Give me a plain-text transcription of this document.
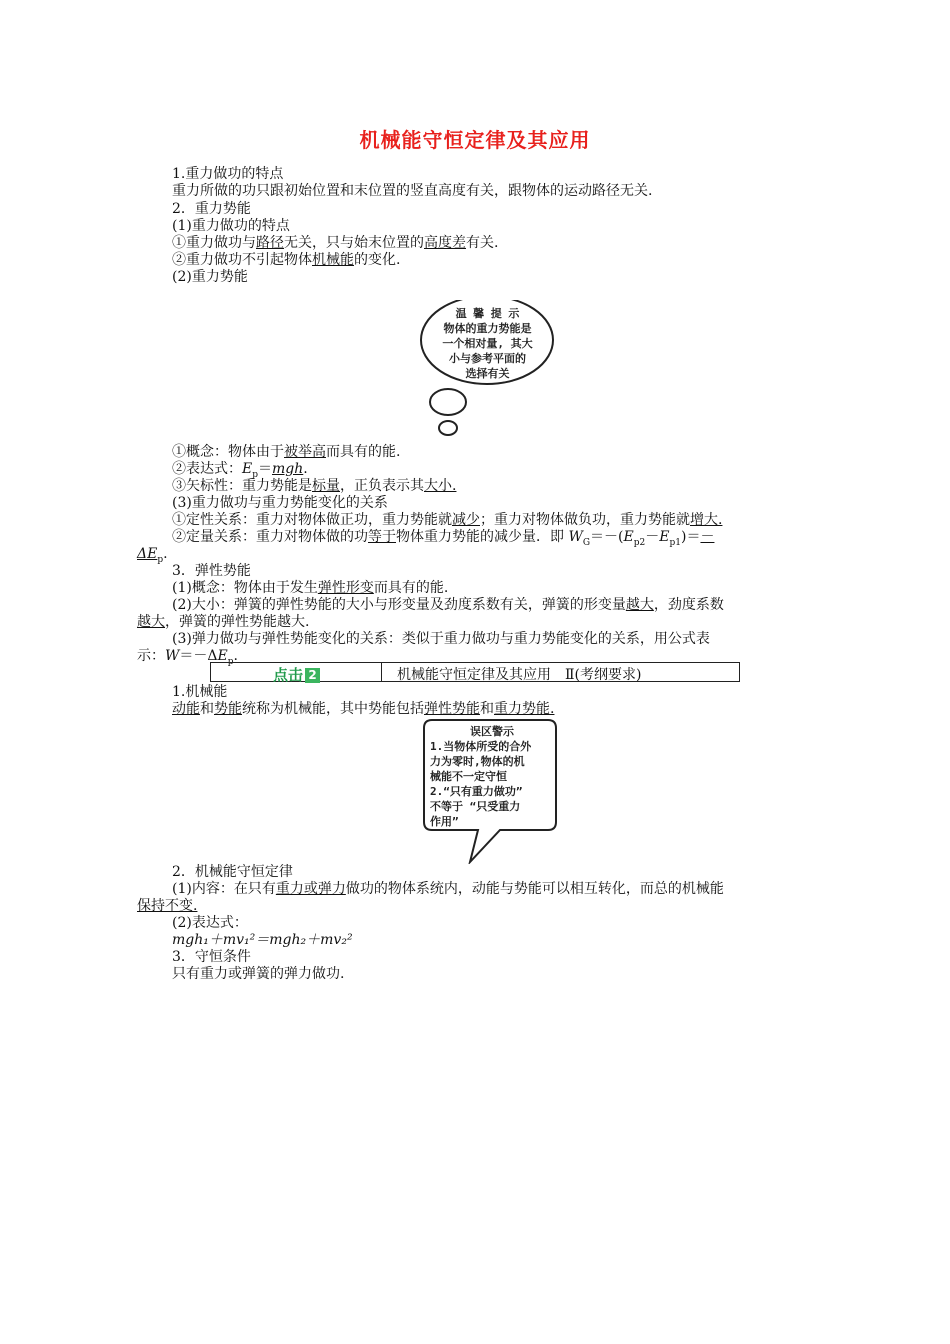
机械能守恒定律及其应用
1.重力做功的特点
重力所做的功只跟初始位置和末位置的竖直高度有关，跟物体的运动路径无关.
2．重力势能
(1)重力做功的特点
①重力做功与路径无关，只与始末位置的高度差有关.
②重力做功不引起物体机械能的变化.
(2)重力势能
温 馨 提 示
物体的重力势能是
一个相对量, 其大
小与参考平面的
选择有关
①概念：物体由于被举高而具有的能.
②表达式：$E_p=mgh$.
③矢标性：重力势能是标量，正负表示其大小.
(3)重力做功与重力势能变化的关系
①定性关系：重力对物体做正功，重力势能就减少；重力对物体做负功，重力势能就增大.
②定量关系：重力对物体做的功等于物体重力势能的减少量．即 $W_G=-(E_{p2}-E_{p1})=-$
$\Delta E_p$.
3．弹性势能
(1)概念：物体由于发生弹性形变而具有的能.
(2)大小：弹簧的弹性势能的大小与形变量及劲度系数有关，弹簧的形变量越大，劲度系数
越大，弹簧的弹性势能越大.
(3)弹力做功与弹性势能变化的关系：类似于重力做功与重力势能变化的关系，用公式表
示：$W=-\Delta E_p$.
点击 2	机械能守恒定律及其应用　Ⅱ(考纲要求)
1.机械能
动能和势能统称为机械能，其中势能包括弹性势能和重力势能.
误区警示
1.当物体所受的合外
力为零时,物体的机
械能不一定守恒
2.“只有重力做功”
不等于 “只受重力
作用”
2．机械能守恒定律
(1)内容：在只有重力或弹力做功的物体系统内，动能与势能可以相互转化，而总的机械能
保持不变.
(2)表达式：
mgh₁＋mv₁²＝mgh₂＋mv₂²
3．守恒条件
只有重力或弹簧的弹力做功.
